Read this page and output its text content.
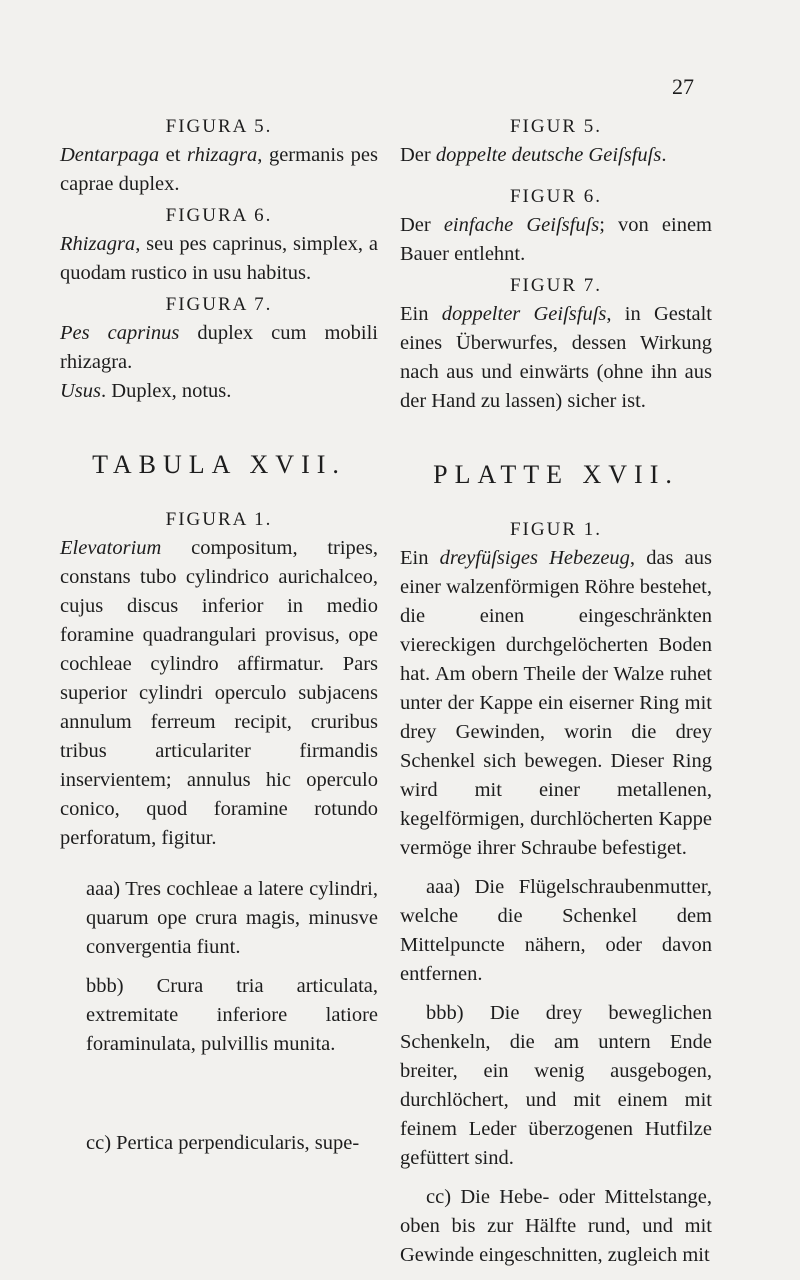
27
FIGURA 5.

Dentarpaga et rhizagra, germanis pes caprae duplex.

FIGURA 6.

Rhizagra, seu pes caprinus, simplex, a quodam rustico in usu habitus.

FIGURA 7.

Pes caprinus duplex cum mobili rhizagra.

Usus. Duplex, notus.

TABULA XVII.
FIGURA 1.

Elevatorium compositum, tripes, constans tubo cylindrico aurichalceo, cujus discus inferior in medio foramine quadrangulari provisus, ope cochleae cylindro affirmatur. Pars superior cylindri operculo subjacens annulum ferreum recipit, cruribus tribus articulariter firmandis inservientem; annulus hic operculo conico, quod foramine rotundo perforatum, figitur.

aaa) Tres cochleae a latere cylindri, quarum ope crura magis, minusve convergentia fiunt.

bbb) Crura tria articulata, extremitate inferiore latiore foraminulata, pulvillis munita.

cc) Pertica perpendicularis, supe-

FIGUR 5.

Der doppelte deutsche Geiſsfuſs.

FIGUR 6.

Der einfache Geiſsfuſs; von einem Bauer entlehnt.

FIGUR 7.

Ein doppelter Geiſsfuſs, in Gestalt eines Überwurfes, dessen Wirkung nach aus und einwärts (ohne ihn aus der Hand zu lassen) sicher ist.

PLATTE XVII.
FIGUR 1.

Ein dreyfüſsiges Hebezeug, das aus einer walzenförmigen Röhre bestehet, die einen eingeschränkten viereckigen durchgelöcherten Boden hat. Am obern Theile der Walze ruhet unter der Kappe ein eiserner Ring mit drey Gewinden, worin die drey Schenkel sich bewegen. Dieser Ring wird mit einer metallenen, kegelförmigen, durchlöcherten Kappe vermöge ihrer Schraube befestiget.

aaa) Die Flügelschraubenmutter, welche die Schenkel dem Mittelpuncte nähern, oder davon entfernen.

bbb) Die drey beweglichen Schenkeln, die am untern Ende breiter, ein wenig ausgebogen, durchlöchert, und mit einem mit feinem Leder überzogenen Hutfilze gefüttert sind.

cc) Die Hebe- oder Mittelstange, oben bis zur Hälfte rund, und mit Gewinde eingeschnitten, zugleich mit
